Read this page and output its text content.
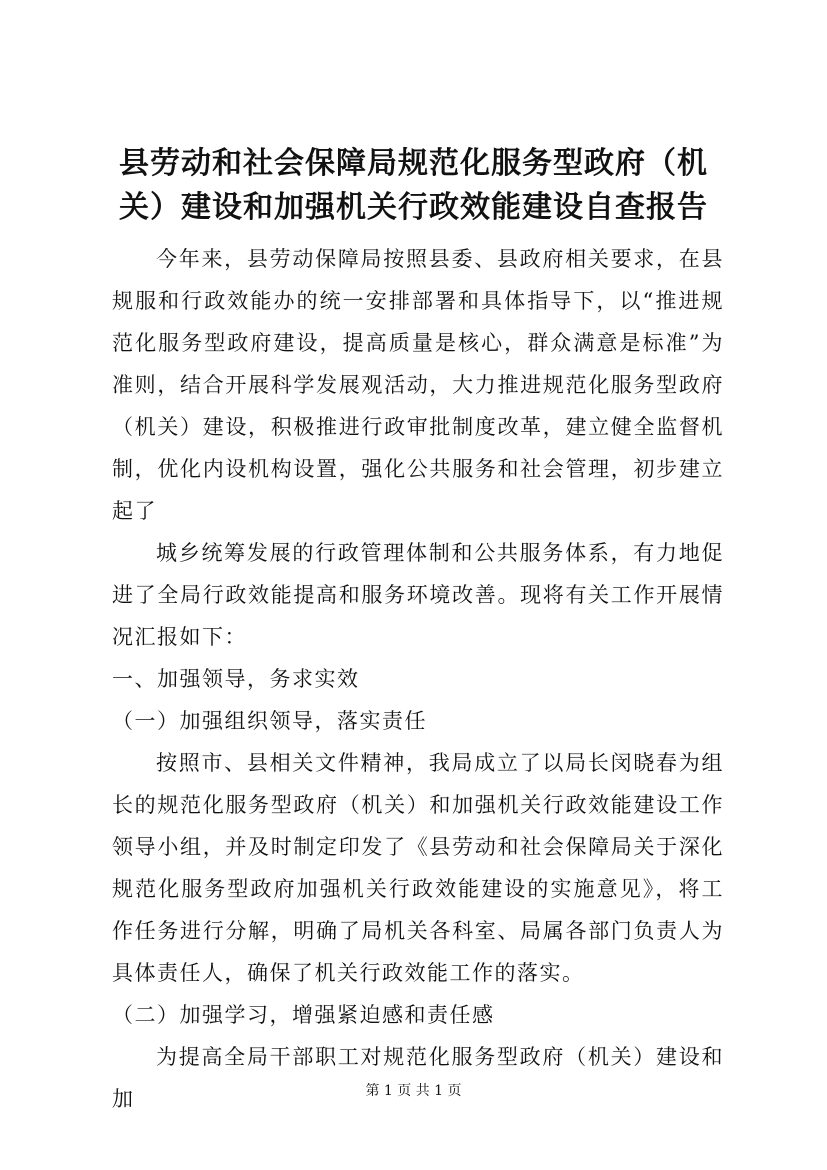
县劳动和社会保障局规范化服务型政府（机关）建设和加强机关行政效能建设自查报告

今年来，县劳动保障局按照县委、县政府相关要求，在县规服和行政效能办的统一安排部署和具体指导下，以“推进规范化服务型政府建设，提高质量是核心，群众满意是标准”为准则，结合开展科学发展观活动，大力推进规范化服务型政府（机关）建设，积极推进行政审批制度改革，建立健全监督机制，优化内设机构设置，强化公共服务和社会管理，初步建立起了

城乡统筹发展的行政管理体制和公共服务体系，有力地促进了全局行政效能提高和服务环境改善。现将有关工作开展情况汇报如下：

一、加强领导，务求实效

（一）加强组织领导，落实责任

按照市、县相关文件精神，我局成立了以局长闵晓春为组长的规范化服务型政府（机关）和加强机关行政效能建设工作领导小组，并及时制定印发了《县劳动和社会保障局关于深化规范化服务型政府加强机关行政效能建设的实施意见》，将工作任务进行分解，明确了局机关各科室、局属各部门负责人为具体责任人，确保了机关行政效能工作的落实。

（二）加强学习，增强紧迫感和责任感

为提高全局干部职工对规范化服务型政府（机关）建设和加	第 1 页 共 1 页
